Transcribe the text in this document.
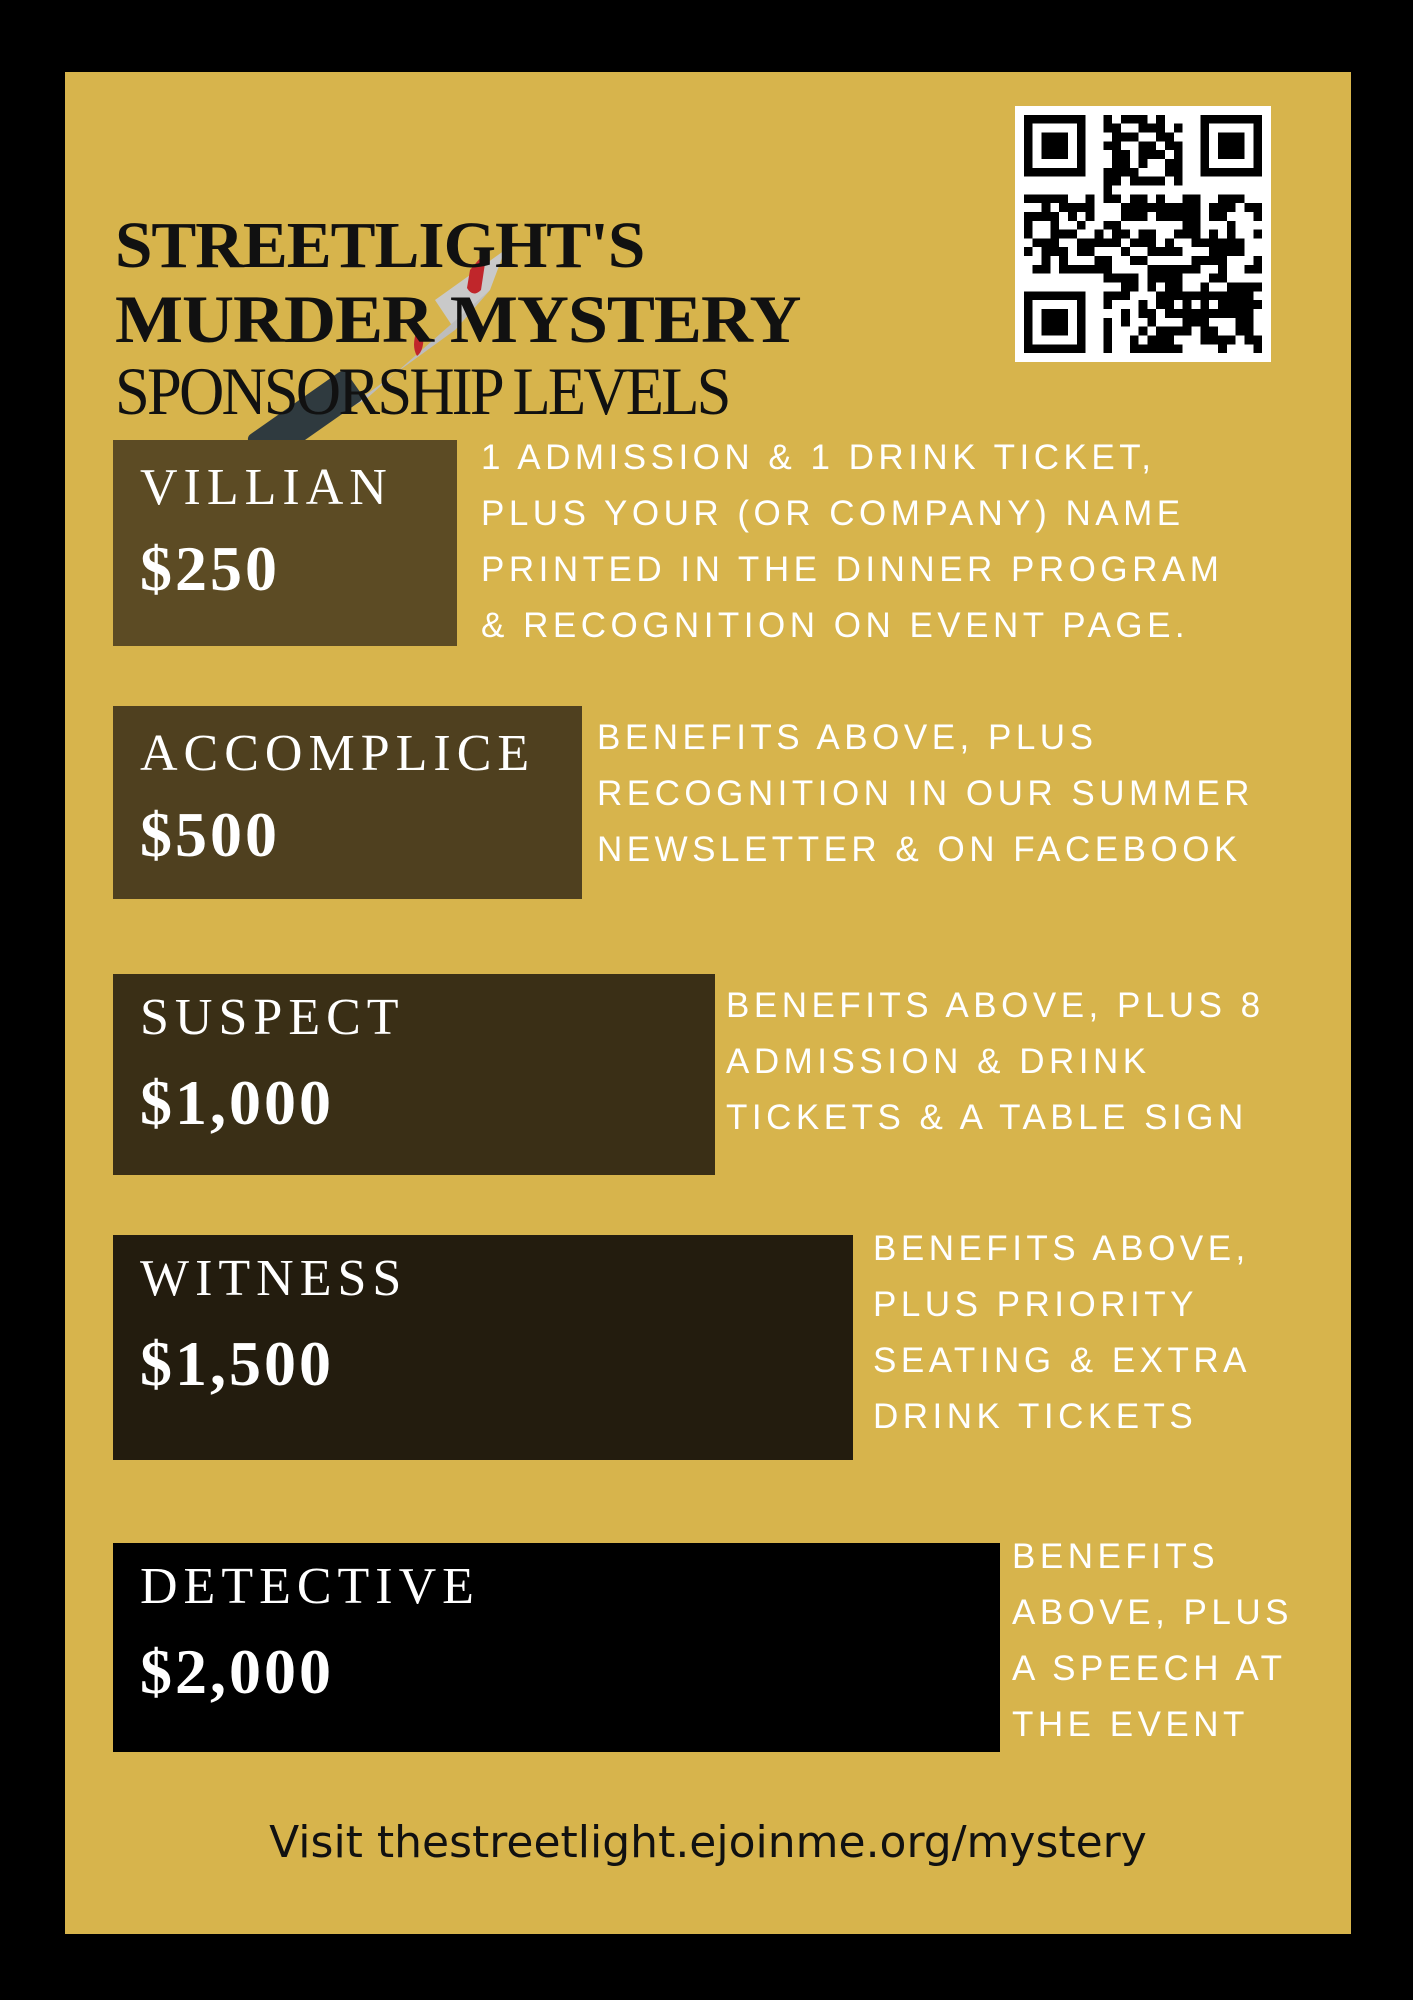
STREETLIGHT'S
MURDER MYSTERY
SPONSORSHIP LEVELS
VILLIAN
$250
1 ADMISSION & 1 DRINK TICKET,
PLUS YOUR (OR COMPANY) NAME
PRINTED IN THE DINNER PROGRAM
& RECOGNITION ON EVENT PAGE.
ACCOMPLICE
$500
BENEFITS ABOVE, PLUS
RECOGNITION IN OUR SUMMER
NEWSLETTER & ON FACEBOOK
SUSPECT
$1,000
BENEFITS ABOVE, PLUS 8
ADMISSION & DRINK
TICKETS & A TABLE SIGN
WITNESS
$1,500
BENEFITS ABOVE,
PLUS PRIORITY
SEATING & EXTRA
DRINK TICKETS
DETECTIVE
$2,000
BENEFITS
ABOVE, PLUS
A SPEECH AT
THE EVENT
Visit thestreetlight.ejoinme.org/mystery
